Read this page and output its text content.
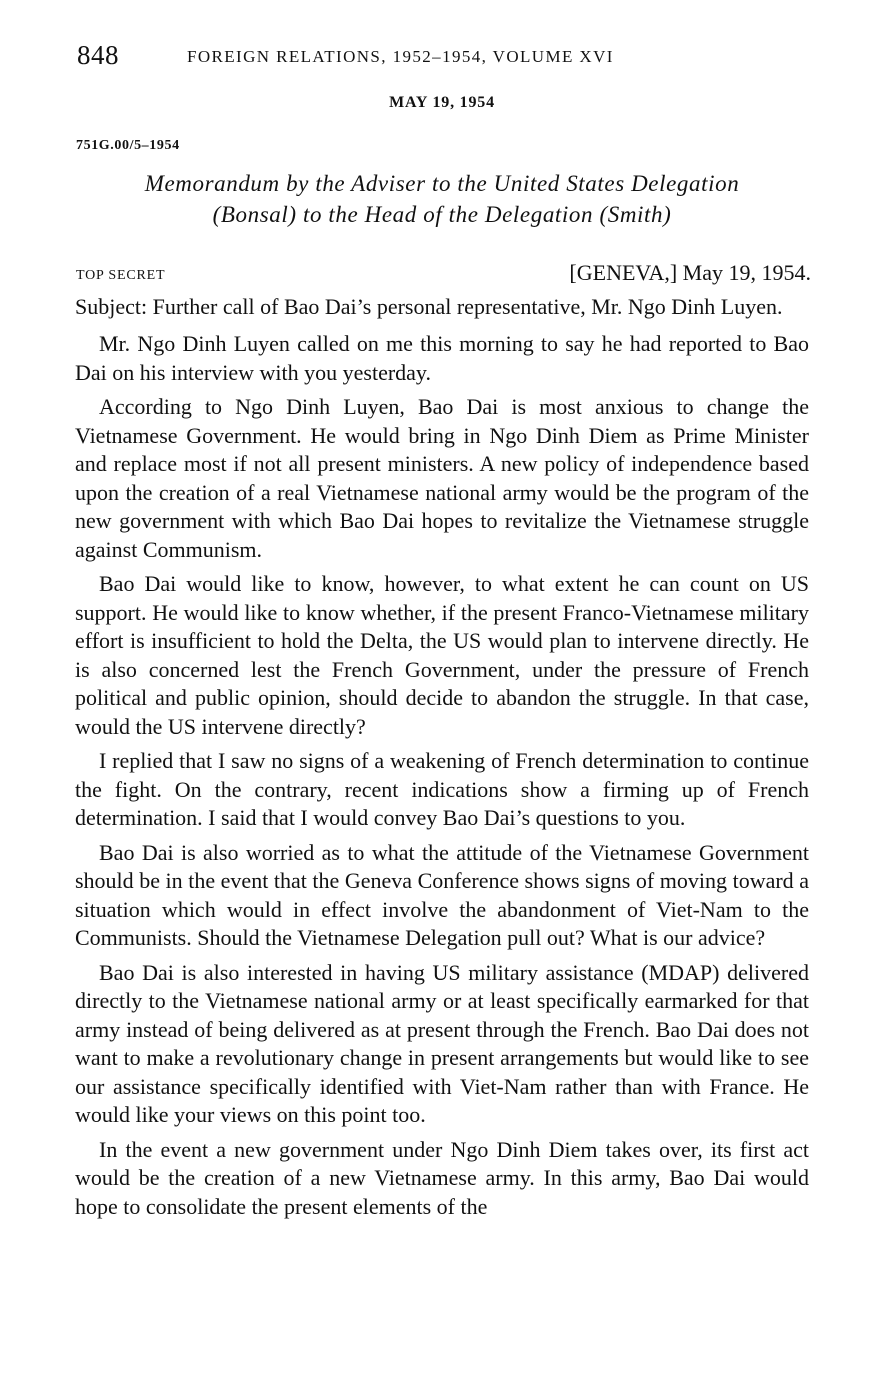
848	FOREIGN RELATIONS, 1952–1954, VOLUME XVI
MAY 19, 1954
751G.00/5–1954
Memorandum by the Adviser to the United States Delegation
(Bonsal) to the Head of the Delegation (Smith)
TOP SECRET	[GENEVA,] May 19, 1954.
Subject: Further call of Bao Dai’s personal representative, Mr. Ngo Dinh Luyen.

Mr. Ngo Dinh Luyen called on me this morning to say he had reported to Bao Dai on his interview with you yesterday.

According to Ngo Dinh Luyen, Bao Dai is most anxious to change the Vietnamese Government. He would bring in Ngo Dinh Diem as Prime Minister and replace most if not all present ministers. A new policy of independence based upon the creation of a real Vietnamese national army would be the program of the new government with which Bao Dai hopes to revitalize the Vietnamese struggle against Communism.

Bao Dai would like to know, however, to what extent he can count on US support. He would like to know whether, if the present Franco-Vietnamese military effort is insufficient to hold the Delta, the US would plan to intervene directly. He is also concerned lest the French Government, under the pressure of French political and public opinion, should decide to abandon the struggle. In that case, would the US intervene directly?

I replied that I saw no signs of a weakening of French determination to continue the fight. On the contrary, recent indications show a firming up of French determination. I said that I would convey Bao Dai’s questions to you.

Bao Dai is also worried as to what the attitude of the Vietnamese Government should be in the event that the Geneva Conference shows signs of moving toward a situation which would in effect involve the abandonment of Viet-Nam to the Communists. Should the Vietnamese Delegation pull out? What is our advice?

Bao Dai is also interested in having US military assistance (MDAP) delivered directly to the Vietnamese national army or at least specifically earmarked for that army instead of being delivered as at present through the French. Bao Dai does not want to make a revolutionary change in present arrangements but would like to see our assistance specifically identified with Viet-Nam rather than with France. He would like your views on this point too.

In the event a new government under Ngo Dinh Diem takes over, its first act would be the creation of a new Vietnamese army. In this army, Bao Dai would hope to consolidate the present elements of the
